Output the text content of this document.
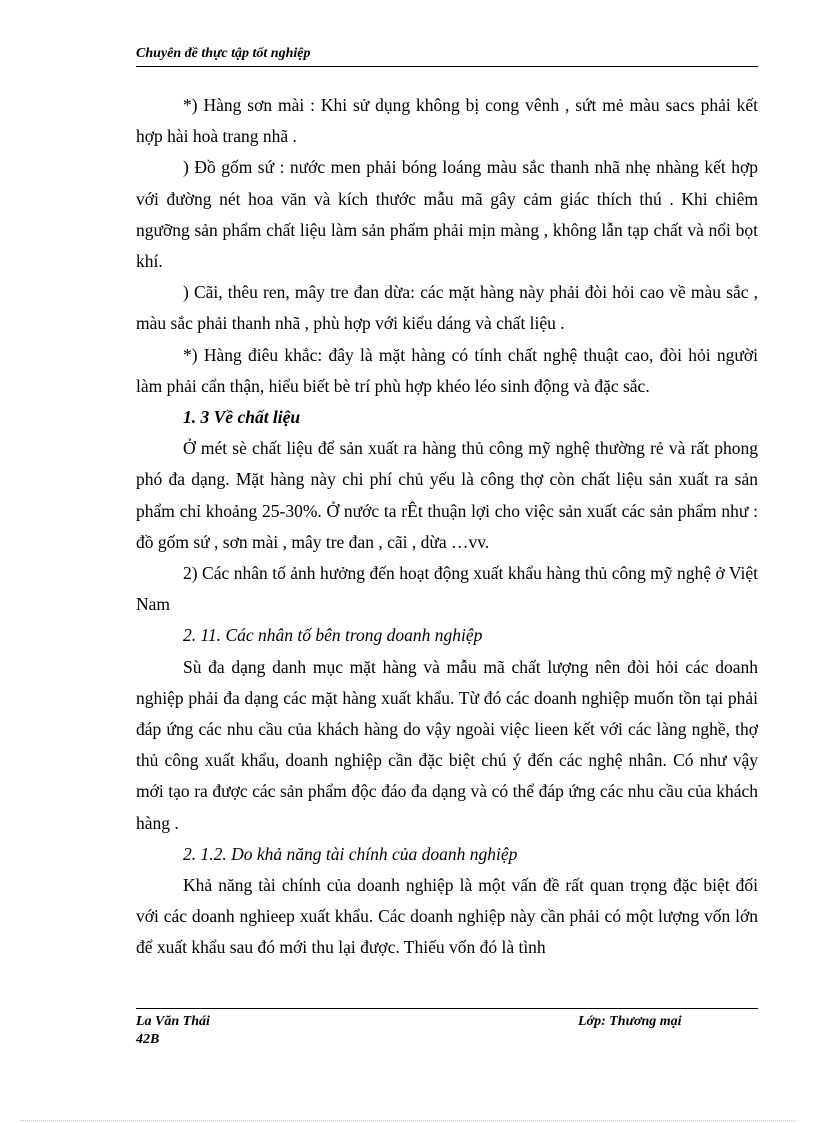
Chuyên đề thực tập tốt nghiệp

*) Hàng sơn mài : Khi sử dụng không bị cong vênh , sứt mẻ màu sacs phải kết hợp hài hoà trang nhã .

) Đồ gốm sứ : nước men phải bóng loáng màu sắc thanh nhã nhẹ nhàng kết hợp với đường nét hoa văn và kích thước mẫu mã gây cảm giác thích thú . Khi chiêm ngưỡng sản phẩm chất liệu làm sản phẩm phải mịn màng , không lẫn tạp chất và nổi bọt khí.

) Cãi, thêu ren, mây tre đan dừa: các mặt hàng này phải đòi hỏi cao về màu sắc , màu sắc phải thanh nhã , phù hợp với kiểu dáng và chất liệu .

*) Hàng điêu khắc: đây là mặt hàng có tính chất nghệ thuật cao, đòi hỏi người làm phải cẩn thận, hiểu biết bè trí phù hợp khéo léo sinh động và đặc sắc.

1. 3 Về chất liệu

Ở mét sè chất liệu để sản xuất ra hàng thủ công mỹ nghệ thường rẻ và rất phong phó đa dạng. Mặt hàng này chi phí chủ yếu là công thợ còn chất liệu sản xuất ra sản phẩm chỉ khoảng 25-30%. Ở nước ta rÊt thuận lợi cho việc sản xuất các sản phẩm như : đồ gốm sứ , sơn mài , mây tre đan , cãi , dừa …vv.

2) Các nhân tố ảnh hưởng đến hoạt động xuất khẩu hàng thủ công mỹ nghệ ở Việt Nam

2. 11. Các nhân tố bên trong doanh nghiệp

Sù đa dạng danh mục mặt hàng và mẫu mã chất lượng nên đòi hỏi các doanh nghiệp phải đa dạng các mặt hàng xuất khẩu. Từ đó các doanh nghiệp muốn tồn tại phải đáp ứng các nhu cầu của khách hàng do vậy ngoài việc lieen kết với các làng nghề, thợ thủ công xuất khẩu, doanh nghiệp cần đặc biệt chú ý đến các nghệ nhân. Có như vậy mới tạo ra được các sản phẩm độc đáo đa dạng và có thể đáp ứng các nhu cầu của khách hàng .

2. 1.2. Do khả năng tài chính của doanh nghiệp

Khả năng tài chính của doanh nghiệp là một vấn đề rất quan trọng đặc biệt đối với các doanh nghieep xuất khẩu. Các doanh nghiệp này cần phải có một lượng vốn lớn để xuất khẩu sau đó mới thu lại được. Thiếu vốn đó là tình

La Văn Thái
42B
Lớp: Thương mại
